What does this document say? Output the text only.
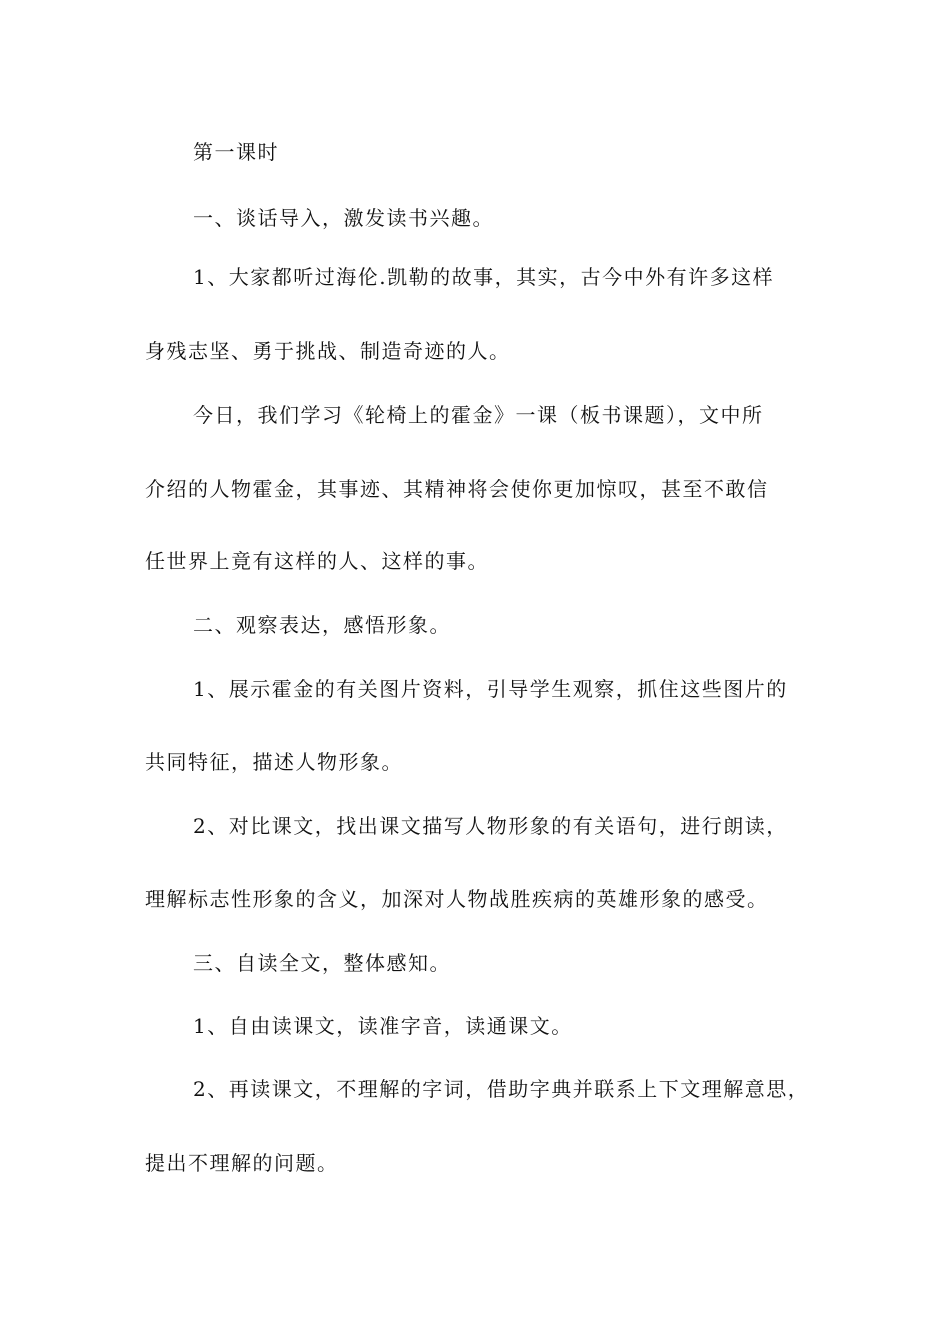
第一课时
一、谈话导入，激发读书兴趣。
1、大家都听过海伦.凯勒的故事，其实，古今中外有许多这样
身残志坚、勇于挑战、制造奇迹的人。
今日，我们学习《轮椅上的霍金》一课（板书课题），文中所
介绍的人物霍金，其事迹、其精神将会使你更加惊叹，甚至不敢信
任世界上竟有这样的人、这样的事。
二、观察表达，感悟形象。
1、展示霍金的有关图片资料，引导学生观察，抓住这些图片的
共同特征，描述人物形象。
2、对比课文，找出课文描写人物形象的有关语句，进行朗读，
理解标志性形象的含义，加深对人物战胜疾病的英雄形象的感受。
三、自读全文，整体感知。
1、自由读课文，读准字音，读通课文。
2、再读课文，不理解的字词，借助字典并联系上下文理解意思，
提出不理解的问题。
